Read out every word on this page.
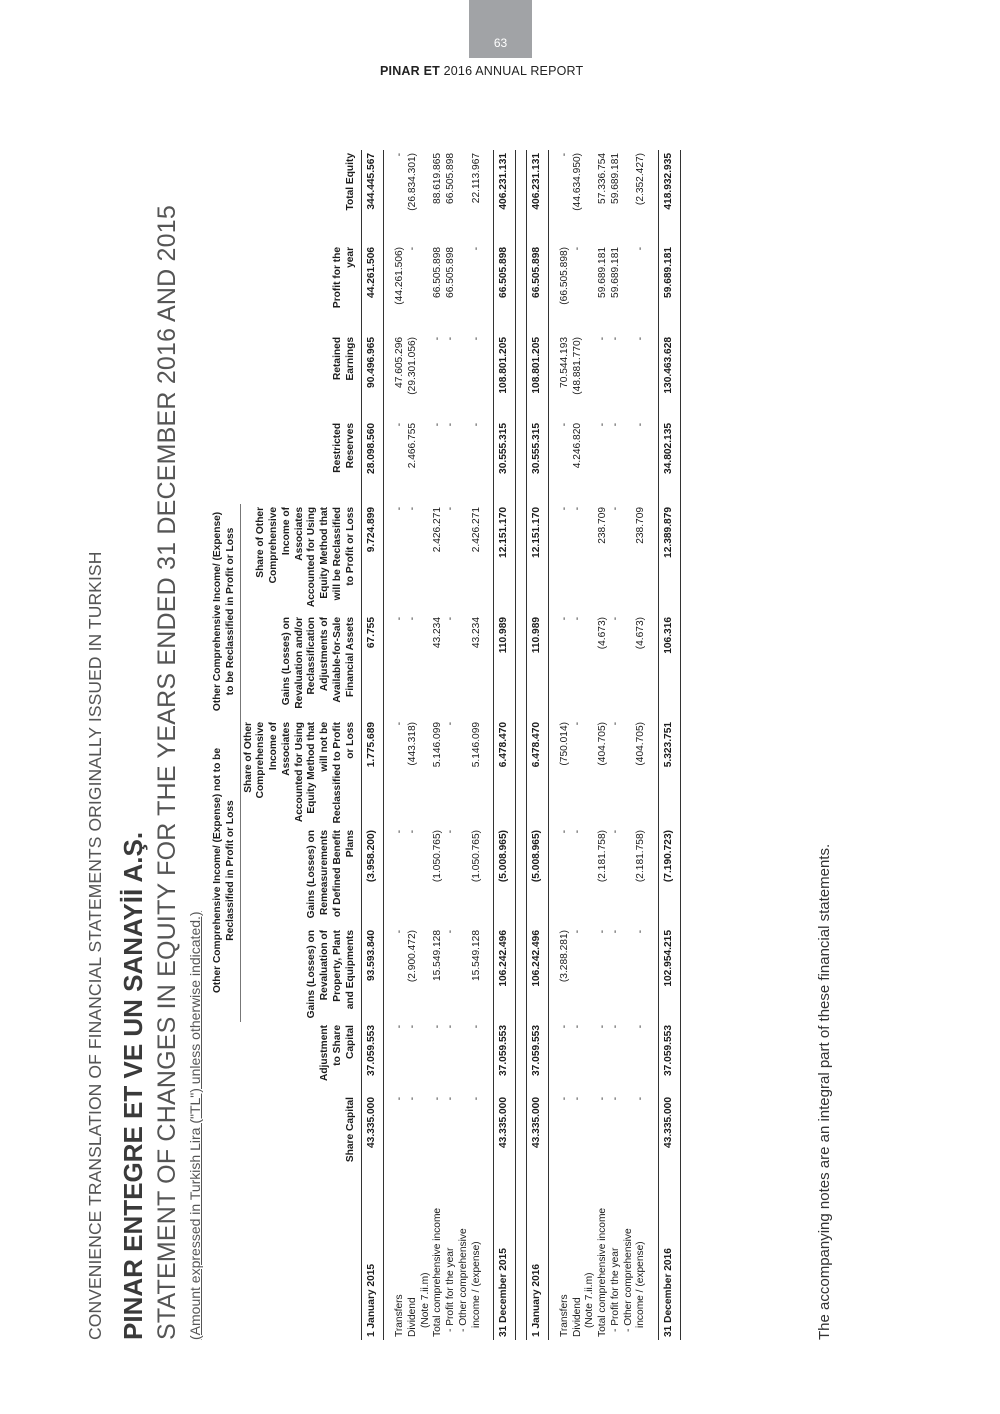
63
PINAR ET 2016 ANNUAL REPORT
CONVENIENCE TRANSLATION OF FINANCIAL STATEMENTS ORIGINALLY ISSUED IN TURKISH PINAR ENTEGRE ET VE UN SANAYİİ A.Ş. STATEMENT OF CHANGES IN EQUITY FOR THE YEARS ENDED 31 DECEMBER 2016 AND 2015 (Amount expressed in Turkish Lira ("TL") unless otherwise indicated.)
			Other Comprehensive Income/ (Expense) not to be Reclassified in Profit or Loss			Other Comprehensive Income/ (Expense) to be Reclassified in Profit or Loss					
	Share Capital	Adjustment to Share Capital	Gains (Losses) on Revaluation of Property, Plant and Equipments	Gains (Losses) on Remeasurements of Defined Benefit Plans	Share of Other Comprehensive Income of Associates Accounted for Using Equity Method that will not be Reclassified to Profit or Loss	Gains (Losses) on Revaluation and/or Reclassification Adjustments of Available-for-Sale Financial Assets	Share of Other Comprehensive Income of Associates Accounted for Using Equity Method that will be Reclassified to Profit or Loss	Restricted Reserves	Retained Earnings	Profit for the year	Total Equity
1 January 2015	43.335.000	37.059.553	93.593.840	(3.958.200)	1.775.689	67.755	9.724.899	28.098.560	90.496.965	44.261.506	344.445.567

Transfers	-	-	-	-	-	-	-	-	47.605.296	(44.261.506)	-
Dividend	-	-	(2.900.472)	-	(443.318)	-	-	2.466.755	(29.301.056)	-	(26.834.301)
(Note 7.ii.m)											
Total comprehensive income	-	-	15.549.128	(1.050.765)	5.146.099	43.234	2.426.271	-	-	66.505.898	88.619.865
- Profit for the year	-	-	-	-	-	-	-	-	-	66.505.898	66.505.898
- Other comprehensive											
income / (expense)	-	-	15.549.128	(1.050.765)	5.146.099	43.234	2.426.271	-	-	-	22.113.967

31 December 2015	43.335.000	37.059.553	106.242.496	(5.008.965)	6.478.470	110.989	12.151.170	30.555.315	108.801.205	66.505.898	406.231.131

1 January 2016	43.335.000	37.059.553	106.242.496	(5.008.965)	6.478.470	110.989	12.151.170	30.555.315	108.801.205	66.505.898	406.231.131

Transfers	-	-	(3.288.281)	-	(750.014)	-	-	-	70.544.193	(66.505.898)	-
Dividend	-	-	-	-	-	-	-	4.246.820	(48.881.770)	-	(44.634.950)
(Note 7.ii.m)											
Total comprehensive income	-	-	-	(2.181.758)	(404.705)	(4.673)	238.709	-	-	59.689.181	57.336.754
- Profit for the year	-	-	-	-	-	-	-	-	-	59.689.181	59.689.181
- Other comprehensive											
income / (expense)	-	-	-	(2.181.758)	(404.705)	(4.673)	238.709	-	-	-	(2.352.427)

31 December 2016	43.335.000	37.059.553	102.954.215	(7.190.723)	5.323.751	106.316	12.389.879	34.802.135	130.463.628	59.689.181	418.932.935
The accompanying notes are an integral part of these financial statements.
